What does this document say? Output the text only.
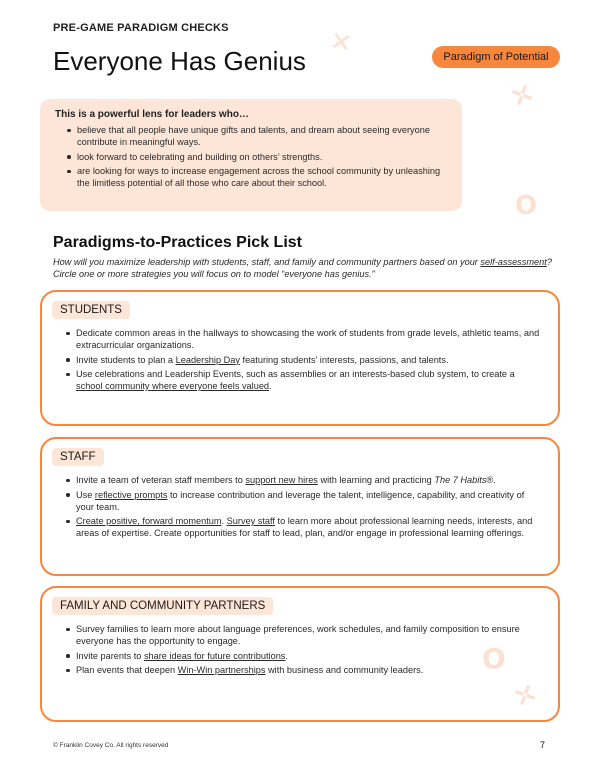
✕
✛
O
O
✛
PRE-GAME PARADIGM CHECKS
Everyone Has Genius	Paradigm of Potential
This is a powerful lens for leaders who…
believe that all people have unique gifts and talents, and dream about seeing everyone contribute in meaningful ways.
look forward to celebrating and building on others’ strengths.
are looking for ways to increase engagement across the school community by unleashing the limitless potential of all those who care about their school.
Paradigms-to-Practices Pick List

How will you maximize leadership with students, staff, and family and community partners based on your self-assessment? Circle one or more strategies you will focus on to model “everyone has genius.”

STUDENTS
Dedicate common areas in the hallways to showcasing the work of students from grade levels, athletic teams, and extracurricular organizations.
Invite students to plan a Leadership Day featuring students’ interests, passions, and talents.
Use celebrations and Leadership Events, such as assemblies or an interests-based club system, to create a school community where everyone feels valued.
STAFF
Invite a team of veteran staff members to support new hires with learning and practicing The 7 Habits®.
Use reflective prompts to increase contribution and leverage the talent, intelligence, capability, and creativity of your team.
Create positive, forward momentum. Survey staff to learn more about professional learning needs, interests, and areas of expertise. Create opportunities for staff to lead, plan, and/or engage in professional learning offerings.
FAMILY AND COMMUNITY PARTNERS
Survey families to learn more about language preferences, work schedules, and family composition to ensure everyone has the opportunity to engage.
Invite parents to share ideas for future contributions.
Plan events that deepen Win-Win partnerships with business and community leaders.
© Franklin Covey Co. All rights reserved	7
